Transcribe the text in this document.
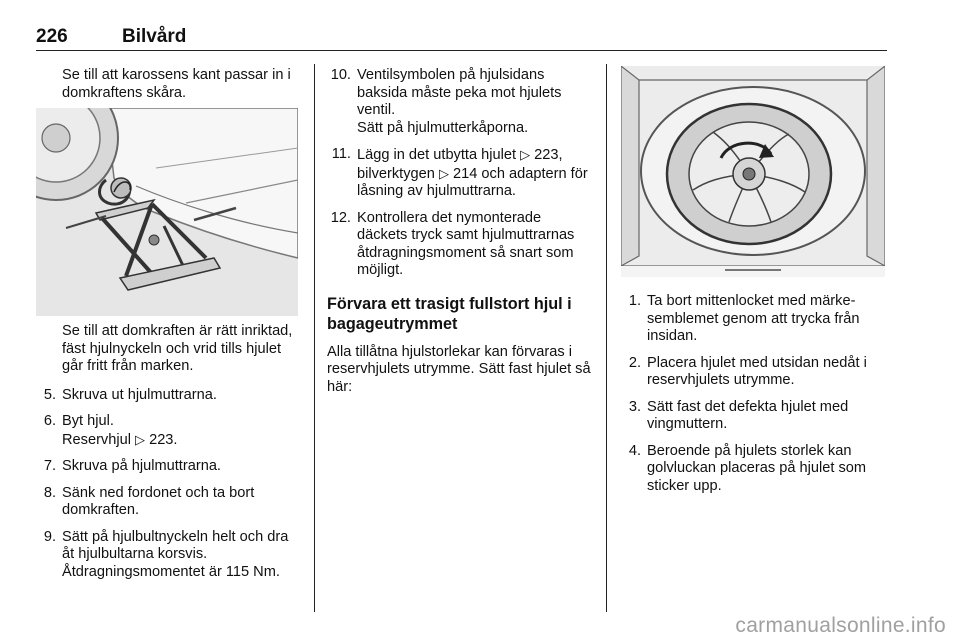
226	Bilvård

Se till att karossens kant passar in i domkraftens skåra.

Se till att domkraften är rätt inriktad, fäst hjulnyckeln och vrid tills hjulet går fritt från marken.

5. Skruva ut hjulmuttrarna.
6. Byt hjul.

Reservhjul ▷ 223.

7. Skruva på hjulmuttrarna.
8. Sänk ned fordonet och ta bort domkraften.
9. Sätt på hjulbultnyckeln helt och dra åt hjulbultarna korsvis. Åtdragningsmomentet är 115 Nm.
10. Ventilsymbolen på hjulsidans baksida måste peka mot hjulets ventil.

Sätt på hjulmutterkåporna.

11. Lägg in det utbytta hjulet ▷ 223, bilverktygen ▷ 214 och adaptern för låsning av hjulmuttrarna.
12. Kontrollera det nymonterade däckets tryck samt hjulmuttrarnas åtdragningsmoment så snart som möjligt.
Förvara ett trasigt fullstort hjul i bagageutrymmet

Alla tillåtna hjulstorlekar kan förvaras i reservhjulets utrymme. Sätt fast hjulet så här:

1. Ta bort mittenlocket med märkesemblemet genom att trycka från insidan.
2. Placera hjulet med utsidan nedåt i reservhjulets utrymme.
3. Sätt fast det defekta hjulet med vingmuttern.
4. Beroende på hjulets storlek kan golvluckan placeras på hjulet som sticker upp.
carmanualsonline.info
